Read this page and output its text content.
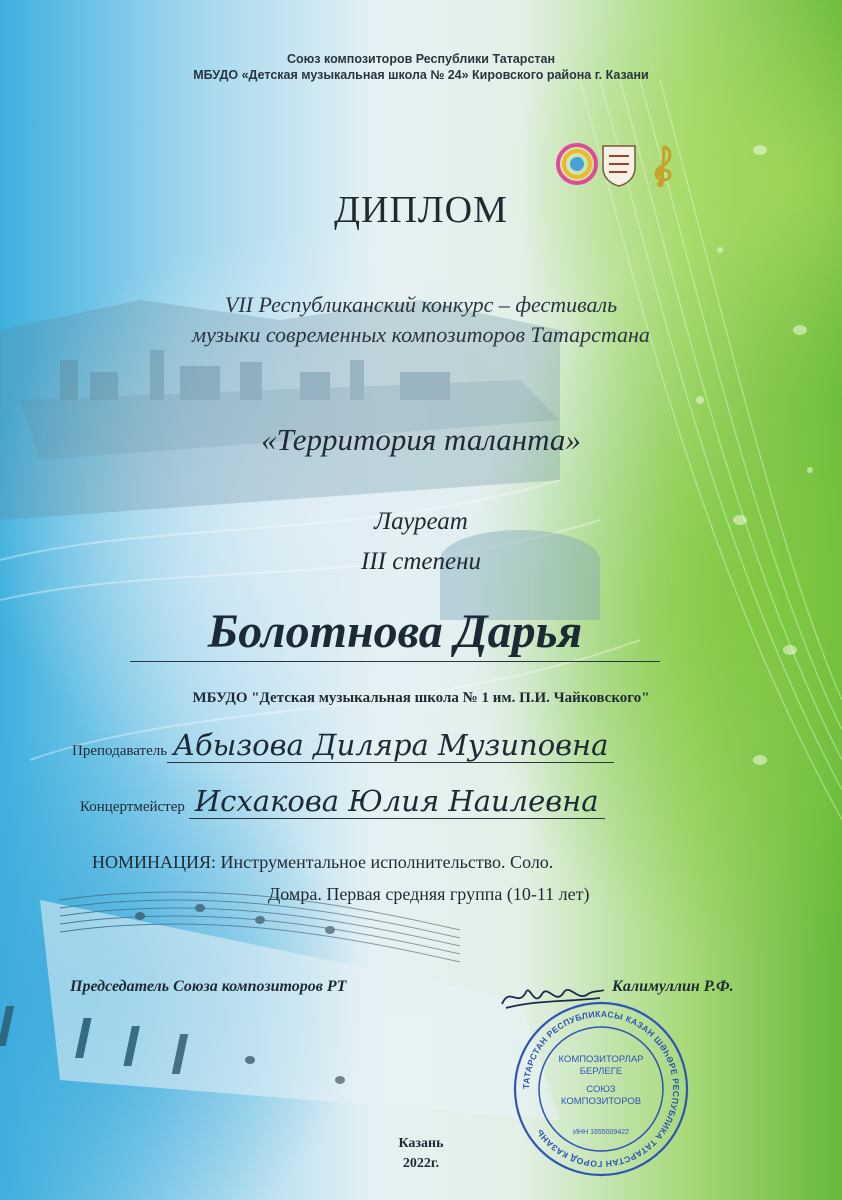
Союз композиторов Республики Татарстан
МБУДО «Детская музыкальная школа № 24» Кировского района г. Казани
ДИПЛОМ
VII Республиканский конкурс – фестиваль
музыки современных композиторов Татарстана
«Территория таланта»
Лауреат
III степени
Болотнова Дарья
МБУДО "Детская музыкальная школа № 1 им. П.И. Чайковского"
Преподаватель Абызова Диляра Музиповна
Концертмейстер Исхакова Юлия Наилевна
НОМИНАЦИЯ: Инструментальное исполнительство. Соло.
Домра. Первая средняя группа (10-11 лет)
Председатель Союза композиторов РТ	Калимуллин Р.Ф.
ТАТАРСТАН РЕСПУБЛИКАСЫ КАЗАН ШӘҺӘРЕ РЕСПУБЛИКА ТАТАРСТАН ГОРОД КАЗАНЬ
КОМПОЗИТОРЛАР
БЕРЛЕГЕ
СОЮЗ
КОМПОЗИТОРОВ
ИНН 1655009422
Казань
2022г.
